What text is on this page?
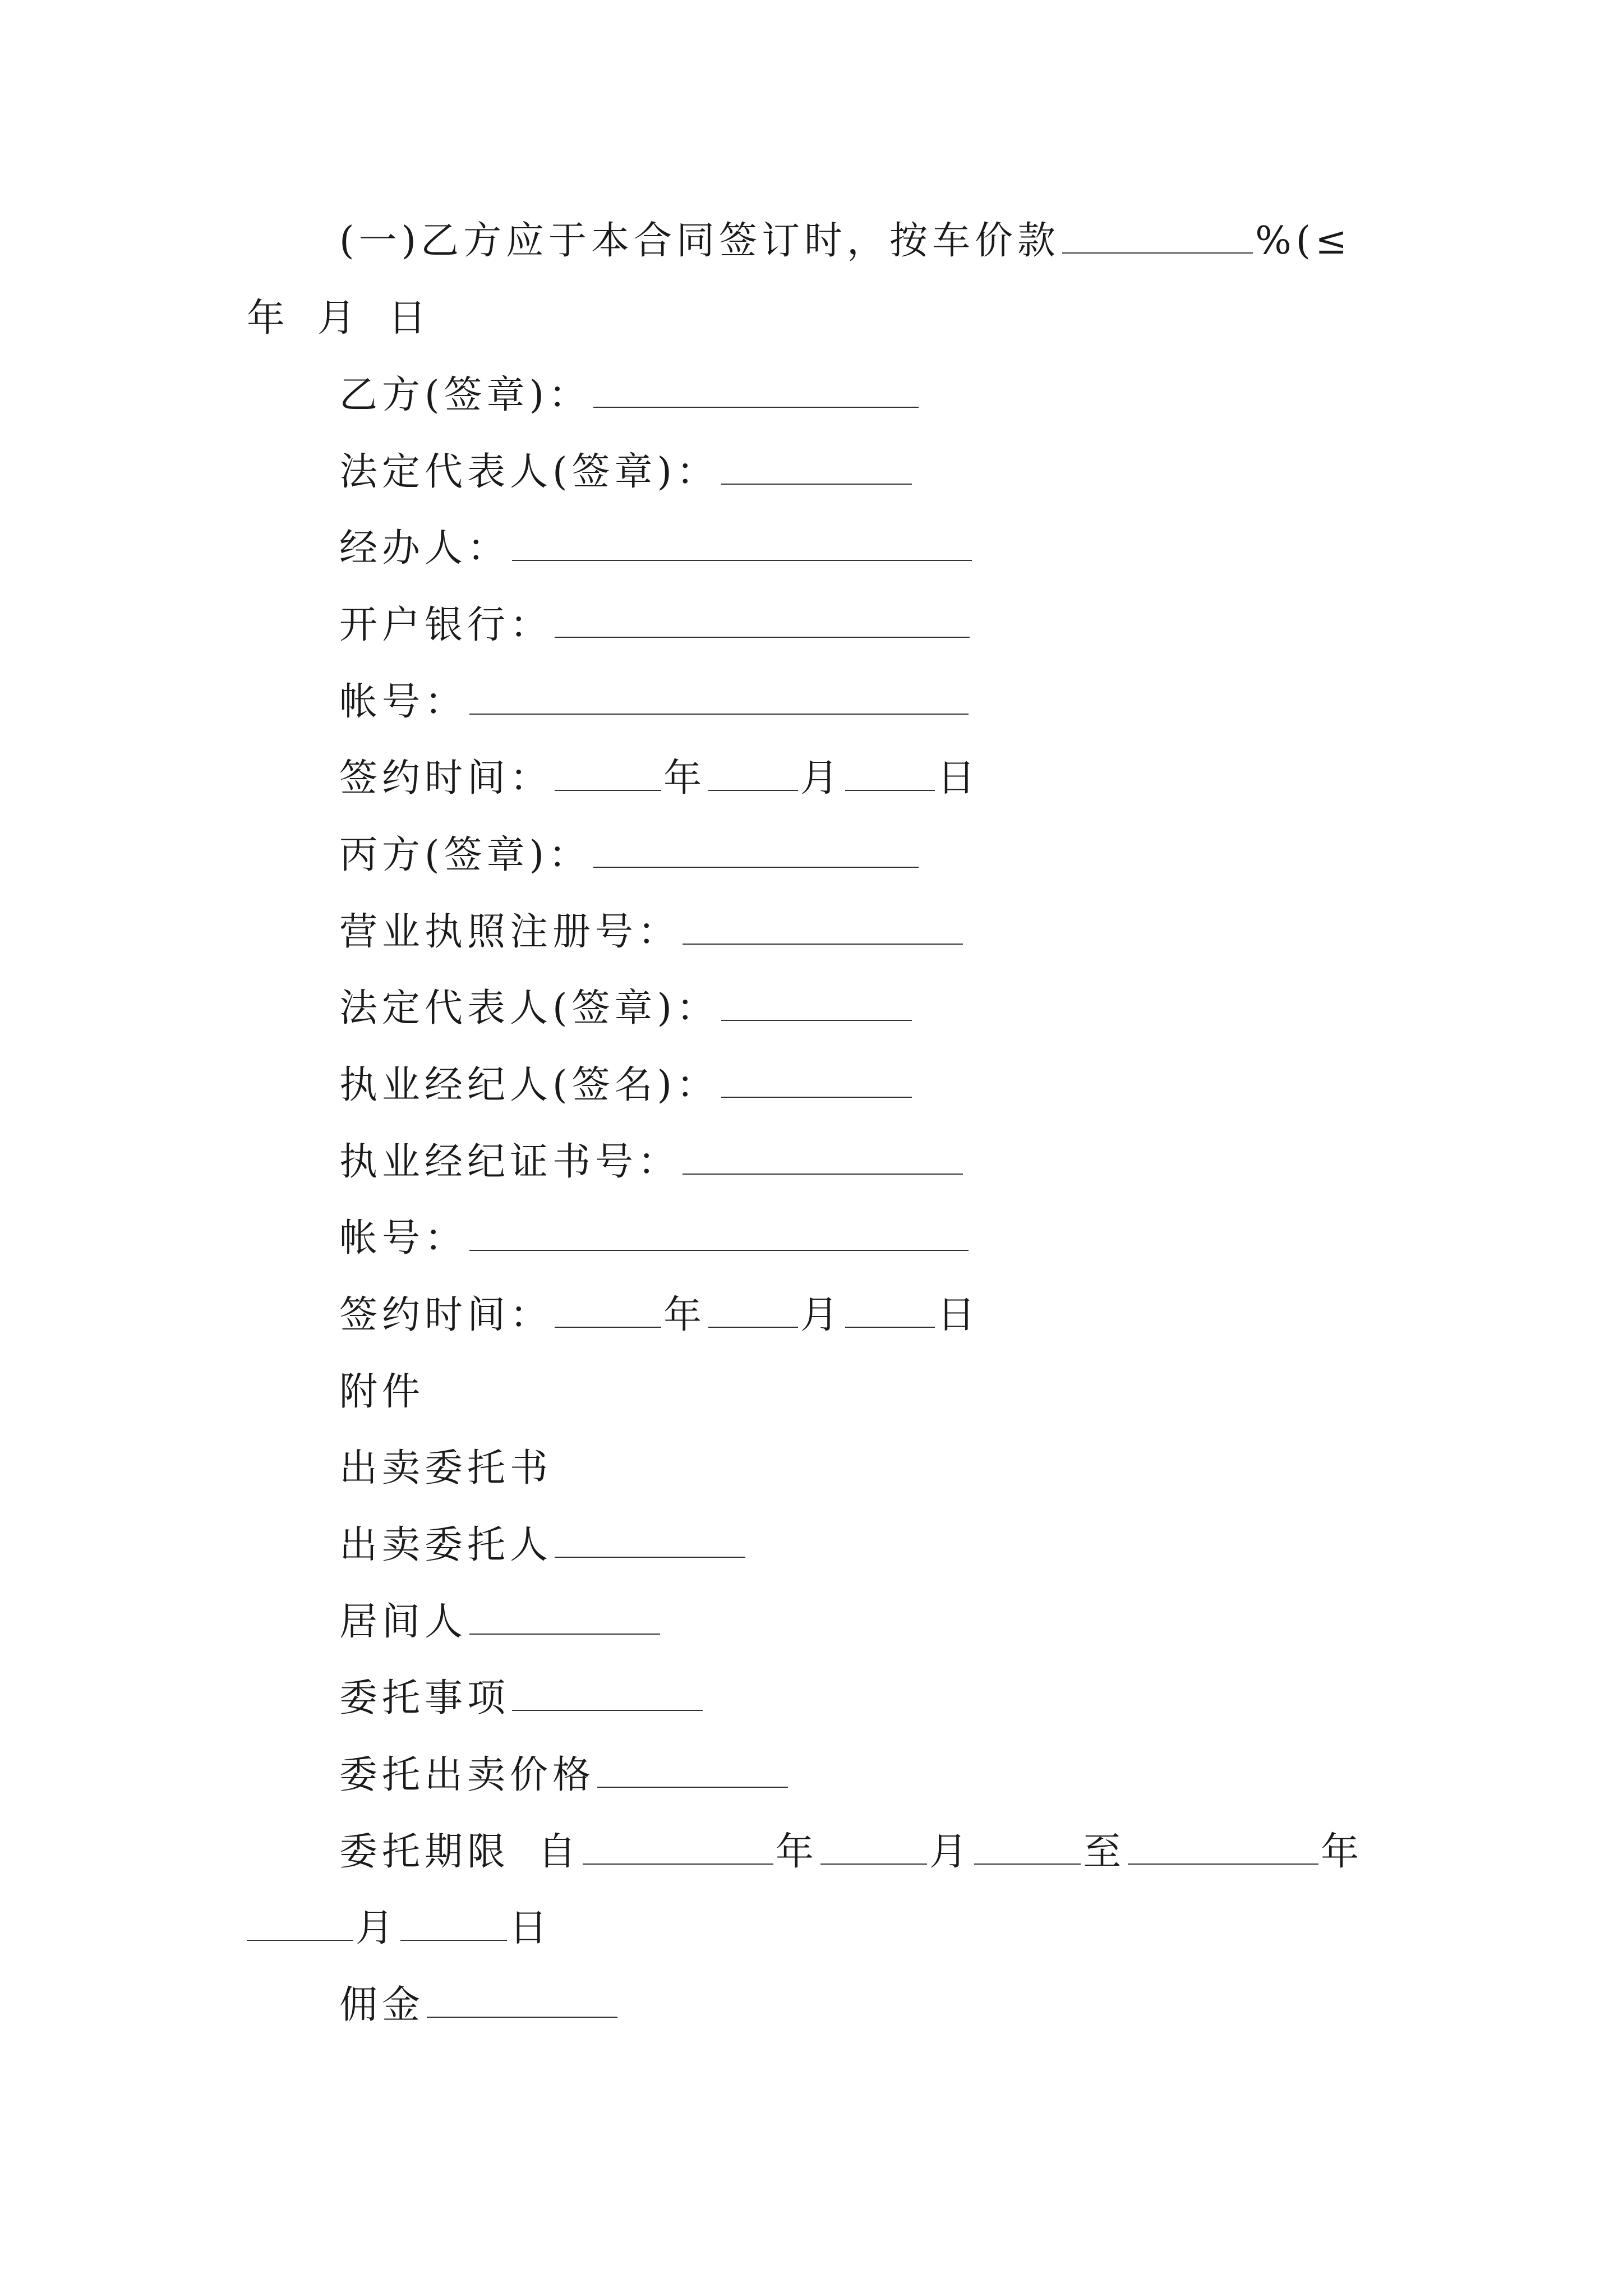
(一)乙方应于本合同签订时，按车价款	%(≤
年 月 日
乙方(签章)：
法定代表人(签章)：
经办人：
开户银行：
帐号：
签约时间：	年 月 日
丙方(签章)：
营业执照注册号：
法定代表人(签章)：
执业经纪人(签名)：
执业经纪证书号：
帐号：
签约时间：	年 月 日
附件
出卖委托书
出卖委托人
居间人
委托事项
委托出卖价格
委托期限 自	年	月	至	年
月	日
佣金
